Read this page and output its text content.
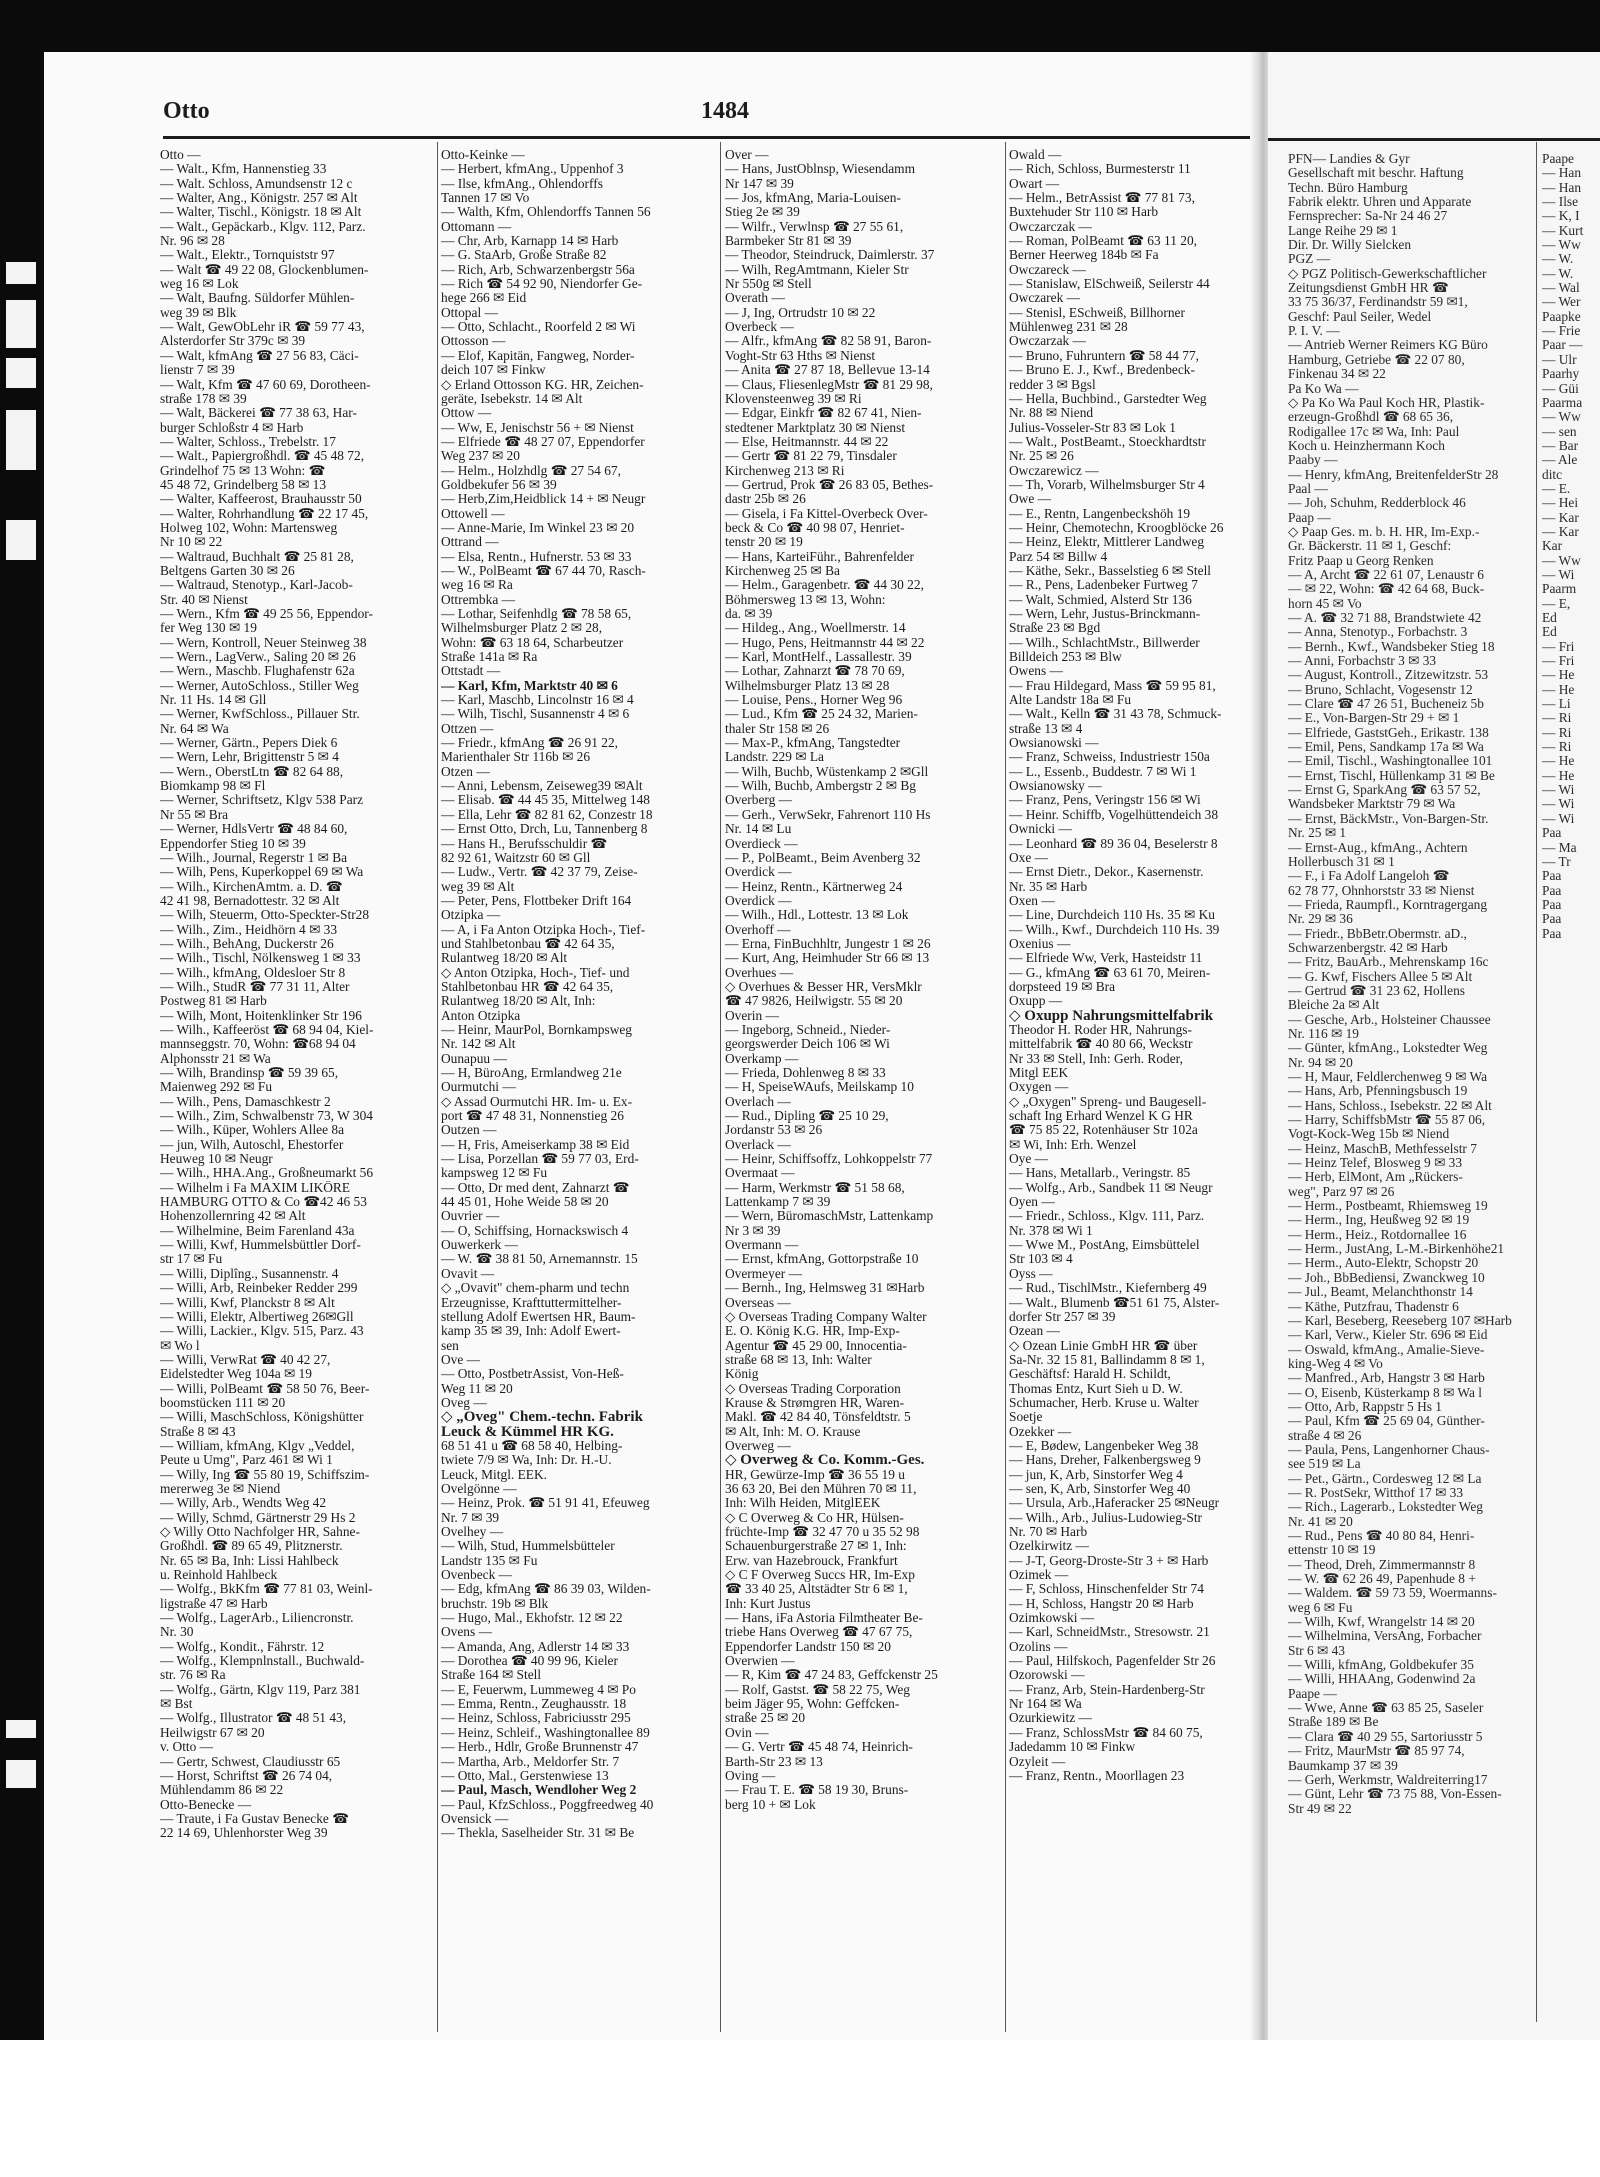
Otto	1484
Otto —
— Walt., Kfm, Hannenstieg 33
— Walt. Schloss, Amundsenstr 12 c
— Walter, Ang., Königstr. 257 ✉ Alt
— Walter, Tischl., Königstr. 18 ✉ Alt
— Walt., Gepäckarb., Klgv. 112, Parz.
Nr. 96 ✉ 28
— Walt., Elektr., Tornquiststr 97
— Walt ☎ 49 22 08, Glockenblumen-
weg 16 ✉ Lok
— Walt, Baufng. Süldorfer Mühlen-
weg 39 ✉ Blk
— Walt, GewObLehr iR ☎ 59 77 43,
Alsterdorfer Str 379c ✉ 39
— Walt, kfmAng ☎ 27 56 83, Cäci-
lienstr 7 ✉ 39
— Walt, Kfm ☎ 47 60 69, Dorotheen-
straße 178 ✉ 39
— Walt, Bäckerei ☎ 77 38 63, Har-
burger Schloßstr 4 ✉ Harb
— Walter, Schloss., Trebelstr. 17
— Walt., Papiergroßhdl. ☎ 45 48 72,
Grindelhof 75 ✉ 13 Wohn: ☎
45 48 72, Grindelberg 58 ✉ 13
— Walter, Kaffeerost, Brauhausstr 50
— Walter, Rohrhandlung ☎ 22 17 45,
Holweg 102, Wohn: Martensweg
Nr 10 ✉ 22
— Waltraud, Buchhalt ☎ 25 81 28,
Beltgens Garten 30 ✉ 26
— Waltraud, Stenotyp., Karl-Jacob-
Str. 40 ✉ Nienst
— Wern., Kfm ☎ 49 25 56, Eppendor-
fer Weg 130 ✉ 19
— Wern, Kontroll, Neuer Steinweg 38
— Wern., LagVerw., Saling 20 ✉ 26
— Wern., Maschb. Flughafenstr 62a
— Werner, AutoSchloss., Stiller Weg
Nr. 11 Hs. 14 ✉ Gll
— Werner, KwfSchloss., Pillauer Str.
Nr. 64 ✉ Wa
— Werner, Gärtn., Pepers Diek 6
— Wern, Lehr, Brigittenstr 5 ✉ 4
— Wern., OberstLtn ☎ 82 64 88,
Biomkamp 98 ✉ Fl
— Werner, Schriftsetz, Klgv 538 Parz
Nr 55 ✉ Bra
— Werner, HdlsVertr ☎ 48 84 60,
Eppendorfer Stieg 10 ✉ 39
— Wilh., Journal, Regerstr 1 ✉ Ba
— Wilh, Pens, Kuperkoppel 69 ✉ Wa
— Wilh., KirchenAmtm. a. D. ☎
42 41 98, Bernadottestr. 32 ✉ Alt
— Wilh, Steuerm, Otto-Speckter-Str28
— Wilh., Zim., Heidhörn 4 ✉ 33
— Wilh., BehAng, Duckerstr 26
— Wilh., Tischl, Nölkensweg 1 ✉ 33
— Wilh., kfmAng, Oldesloer Str 8
— Wilh., StudR ☎ 77 31 11, Alter
Postweg 81 ✉ Harb
— Wilh, Mont, Hoitenklinker Str 196
— Wilh., Kaffeeröst ☎ 68 94 04, Kiel-
mannseggstr. 70, Wohn: ☎68 94 04
Alphonsstr 21 ✉ Wa
— Wilh, Brandinsp ☎ 59 39 65,
Maienweg 292 ✉ Fu
— Wilh., Pens, Damaschkestr 2
— Wilh., Zim, Schwalbenstr 73, W 304
— Wilh., Küper, Wohlers Allee 8a
— jun, Wilh, Autoschl, Ehestorfer
Heuweg 10 ✉ Neugr
— Wilh., HHA.Ang., Großneumarkt 56
— Wilhelm i Fa MAXIM LIKÖRE
HAMBURG OTTO & Co ☎42 46 53
Hohenzollernring 42 ✉ Alt
— Wilhelmine, Beim Farenland 43a
— Willi, Kwf, Hummelsbüttler Dorf-
str 17 ✉ Fu
— Willi, Diplîng., Susannenstr. 4
— Willi, Arb, Reinbeker Redder 299
— Willi, Kwf, Planckstr 8 ✉ Alt
— Willi, Elektr, Albertiweg 26✉Gll
— Willi, Lackier., Klgv. 515, Parz. 43
✉ Wo l
— Willi, VerwRat ☎ 40 42 27,
Eidelstedter Weg 104a ✉ 19
— Willi, PolBeamt ☎ 58 50 76, Beer-
boomstücken 111 ✉ 20
— Willi, MaschSchloss, Königshütter
Straße 8 ✉ 43
— William, kfmAng, Klgv „Veddel,
Peute u Umg", Parz 461 ✉ Wi 1
— Willy, Ing ☎ 55 80 19, Schiffszim-
mererweg 3e ✉ Niend
— Willy, Arb., Wendts Weg 42
— Willy, Schmd, Gärtnerstr 29 Hs 2
◇ Willy Otto Nachfolger HR, Sahne-
Großhdl. ☎ 89 65 49, Plitznerstr.
Nr. 65 ✉ Ba, Inh: Lissi Hahlbeck
u. Reinhold Hahlbeck
— Wolfg., BkKfm ☎ 77 81 03, Weinl-
ligstraße 47 ✉ Harb
— Wolfg., LagerArb., Liliencronstr.
Nr. 30
— Wolfg., Kondit., Fährstr. 12
— Wolfg., Klempnlnstall., Buchwald-
str. 76 ✉ Ra
— Wolfg., Gärtn, Klgv 119, Parz 381
✉ Bst
— Wolfg., Illustrator ☎ 48 51 43,
Heilwigstr 67 ✉ 20
v. Otto —
— Gertr, Schwest, Claudiusstr 65
— Horst, Schriftst ☎ 26 74 04,
Mühlendamm 86 ✉ 22
Otto-Benecke —
— Traute, i Fa Gustav Benecke ☎
22 14 69, Uhlenhorster Weg 39
Otto-Keinke —
— Herbert, kfmAng., Uppenhof 3
— Ilse, kfmAng., Ohlendorffs
Tannen 17 ✉ Vo
— Walth, Kfm, Ohlendorffs Tannen 56
Ottomann —
— Chr, Arb, Karnapp 14 ✉ Harb
— G. StaArb, Große Straße 82
— Rich, Arb, Schwarzenbergstr 56a
— Rich ☎ 54 92 90, Niendorfer Ge-
hege 266 ✉ Eid
Ottopal —
— Otto, Schlacht., Roorfeld 2 ✉ Wi
Ottosson —
— Elof, Kapitän, Fangweg, Norder-
deich 107 ✉ Finkw
◇ Erland Ottosson KG. HR, Zeichen-
geräte, Isebekstr. 14 ✉ Alt
Ottow —
— Ww, E, Jenischstr 56 + ✉ Nienst
— Elfriede ☎ 48 27 07, Eppendorfer
Weg 237 ✉ 20
— Helm., Holzhdlg ☎ 27 54 67,
Goldbekufer 56 ✉ 39
— Herb,Zim,Heidblick 14 + ✉ Neugr
Ottowell —
— Anne-Marie, Im Winkel 23 ✉ 20
Ottrand —
— Elsa, Rentn., Hufnerstr. 53 ✉ 33
— W., PolBeamt ☎ 67 44 70, Rasch-
weg 16 ✉ Ra
Ottrembka —
— Lothar, Seifenhdlg ☎ 78 58 65,
Wilhelmsburger Platz 2 ✉ 28,
Wohn: ☎ 63 18 64, Scharbeutzer
Straße 141a ✉ Ra
Ottstadt —
— Karl, Kfm, Marktstr 40 ✉ 6
— Karl, Maschb, Lincolnstr 16 ✉ 4
— Wilh, Tischl, Susannenstr 4 ✉ 6
Ottzen —
— Friedr., kfmAng ☎ 26 91 22,
Marienthaler Str 116b ✉ 26
Otzen —
— Anni, Lebensm, Zeiseweg39 ✉Alt
— Elisab. ☎ 44 45 35, Mittelweg 148
— Ella, Lehr ☎ 82 81 62, Conzestr 18
— Ernst Otto, Drch, Lu, Tannenberg 8
— Hans H., Berufsschuldir ☎
82 92 61, Waitzstr 60 ✉ Gll
— Ludw., Vertr. ☎ 42 37 79, Zeise-
weg 39 ✉ Alt
— Peter, Pens, Flottbeker Drift 164
Otzipka —
— A, i Fa Anton Otzipka Hoch-, Tief-
und Stahlbetonbau ☎ 42 64 35,
Rulantweg 18/20 ✉ Alt
◇ Anton Otzipka, Hoch-, Tief- und
Stahlbetonbau HR ☎ 42 64 35,
Rulantweg 18/20 ✉ Alt, Inh:
Anton Otzipka
— Heinr, MaurPol, Bornkampsweg
Nr. 142 ✉ Alt
Ounapuu —
— H, BüroAng, Ermlandweg 21e
Ourmutchi —
◇ Assad Ourmutchi HR. Im- u. Ex-
port ☎ 47 48 31, Nonnenstieg 26
Outzen —
— H, Fris, Ameiserkamp 38 ✉ Eid
— Lisa, Porzellan ☎ 59 77 03, Erd-
kampsweg 12 ✉ Fu
— Otto, Dr med dent, Zahnarzt ☎
44 45 01, Hohe Weide 58 ✉ 20
Ouvrier —
— O, Schiffsing, Hornackswisch 4
Ouwerkerk —
— W. ☎ 38 81 50, Arnemannstr. 15
Ovavit —
◇ „Ovavit" chem-pharm und techn
Erzeugnisse, Krafttuttermittelher-
stellung Adolf Ewertsen HR, Baum-
kamp 35 ✉ 39, Inh: Adolf Ewert-
sen
Ove —
— Otto, PostbetrAssist, Von-Heß-
Weg 11 ✉ 20
Oveg —
◇ „Oveg" Chem.-techn. Fabrik
Leuck & Kümmel HR KG.
68 51 41 u ☎ 68 58 40, Helbing-
twiete 7/9 ✉ Wa, Inh: Dr. H.-U.
Leuck, Mitgl. EEK.
Ovelgönne —
— Heinz, Prok. ☎ 51 91 41, Efeuweg
Nr. 7 ✉ 39
Ovelhey —
— Wilh, Stud, Hummelsbütteler
Landstr 135 ✉ Fu
Ovenbeck —
— Edg, kfmAng ☎ 86 39 03, Wilden-
bruchstr. 19b ✉ Blk
— Hugo, Mal., Ekhofstr. 12 ✉ 22
Ovens —
— Amanda, Ang, Adlerstr 14 ✉ 33
— Dorothea ☎ 40 99 96, Kieler
Straße 164 ✉ Stell
— E, Feuerwm, Lummeweg 4 ✉ Po
— Emma, Rentn., Zeughausstr. 18
— Heinz, Schloss, Fabriciusstr 295
— Heinz, Schleif., Washingtonallee 89
— Herb., Hdlr, Große Brunnenstr 47
— Martha, Arb., Meldorfer Str. 7
— Otto, Mal., Gerstenwiese 13
— Paul, Masch, Wendloher Weg 2
— Paul, KfzSchloss., Poggfreedweg 40
Ovensick —
— Thekla, Saselheider Str. 31 ✉ Be
Over —
— Hans, JustOblnsp, Wiesendamm
Nr 147 ✉ 39
— Jos, kfmAng, Maria-Louisen-
Stieg 2e ✉ 39
— Wilfr., Verwlnsp ☎ 27 55 61,
Barmbeker Str 81 ✉ 39
— Theodor, Steindruck, Daimlerstr. 37
— Wilh, RegAmtmann, Kieler Str
Nr 550g ✉ Stell
Overath —
— J, Ing, Ortrudstr 10 ✉ 22
Overbeck —
— Alfr., kfmAng ☎ 82 58 91, Baron-
Voght-Str 63 Hths ✉ Nienst
— Anita ☎ 27 87 18, Bellevue 13-14
— Claus, FliesenlegMstr ☎ 81 29 98,
Klovensteenweg 39 ✉ Ri
— Edgar, Einkfr ☎ 82 67 41, Nien-
stedtener Marktplatz 30 ✉ Nienst
— Else, Heitmannstr. 44 ✉ 22
— Gertr ☎ 81 22 79, Tinsdaler
Kirchenweg 213 ✉ Ri
— Gertrud, Prok ☎ 26 83 05, Bethes-
dastr 25b ✉ 26
— Gisela, i Fa Kittel-Overbeck Over-
beck & Co ☎ 40 98 07, Henriet-
tenstr 20 ✉ 19
— Hans, KarteiFühr., Bahrenfelder
Kirchenweg 25 ✉ Ba
— Helm., Garagenbetr. ☎ 44 30 22,
Böhmersweg 13 ✉ 13, Wohn:
da. ✉ 39
— Hildeg., Ang., Woellmerstr. 14
— Hugo, Pens, Heitmannstr 44 ✉ 22
— Karl, MontHelf., Lassallestr. 39
— Lothar, Zahnarzt ☎ 78 70 69,
Wilhelmsburger Platz 13 ✉ 28
— Louise, Pens., Horner Weg 96
— Lud., Kfm ☎ 25 24 32, Marien-
thaler Str 158 ✉ 26
— Max-P., kfmAng, Tangstedter
Landstr. 229 ✉ La
— Wilh, Buchb, Wüstenkamp 2 ✉Gll
— Wilh, Buchb, Ambergstr 2 ✉ Bg
Overberg —
— Gerh., VerwSekr, Fahrenort 110 Hs
Nr. 14 ✉ Lu
Overdieck —
— P., PolBeamt., Beim Avenberg 32
Overdick —
— Heinz, Rentn., Kärtnerweg 24
Overdick —
— Wilh., Hdl., Lottestr. 13 ✉ Lok
Overhoff —
— Erna, FinBuchhltr, Jungestr 1 ✉ 26
— Kurt, Ang, Heimhuder Str 66 ✉ 13
Overhues —
◇ Overhues & Besser HR, VersMklr
☎ 47 9826, Heilwigstr. 55 ✉ 20
Overin —
— Ingeborg, Schneid., Nieder-
georgswerder Deich 106 ✉ Wi
Overkamp —
— Frieda, Dohlenweg 8 ✉ 33
— H, SpeiseWAufs, Meilskamp 10
Overlach —
— Rud., Dipling ☎ 25 10 29,
Jordanstr 53 ✉ 26
Overlack —
— Heinr, Schiffsoffz, Lohkoppelstr 77
Overmaat —
— Harm, Werkmstr ☎ 51 58 68,
Lattenkamp 7 ✉ 39
— Wern, BüromaschMstr, Lattenkamp
Nr 3 ✉ 39
Overmann —
— Ernst, kfmAng, Gottorpstraße 10
Overmeyer —
— Bernh., Ing, Helmsweg 31 ✉Harb
Overseas —
◇ Overseas Trading Company Walter
E. O. König K.G. HR, Imp-Exp-
Agentur ☎ 45 29 00, Innocentia-
straße 68 ✉ 13, Inh: Walter
König
◇ Overseas Trading Corporation
Krause & Strømgren HR, Waren-
Makl. ☎ 42 84 40, Tönsfeldtstr. 5
✉ Alt, Inh: M. O. Krause
Overweg —
◇ Overweg & Co. Komm.-Ges.
HR, Gewürze-Imp ☎ 36 55 19 u
36 63 20, Bei den Mühren 70 ✉ 11,
Inh: Wilh Heiden, MitglEEK
◇ C Overweg & Co HR, Hülsen-
früchte-Imp ☎ 32 47 70 u 35 52 98
Schauenburgerstraße 27 ✉ 1, Inh:
Erw. van Hazebrouck, Frankfurt
◇ C F Overweg Succs HR, Im-Exp
☎ 33 40 25, Altstädter Str 6 ✉ 1,
Inh: Kurt Justus
— Hans, iFa Astoria Filmtheater Be-
triebe Hans Overweg ☎ 47 67 75,
Eppendorfer Landstr 150 ✉ 20
Overwien —
— R, Kim ☎ 47 24 83, Geffckenstr 25
— Rolf, Gastst. ☎ 58 22 75, Weg
beim Jäger 95, Wohn: Geffcken-
straße 25 ✉ 20
Ovin —
— G. Vertr ☎ 45 48 74, Heinrich-
Barth-Str 23 ✉ 13
Oving —
— Frau T. E. ☎ 58 19 30, Bruns-
berg 10 + ✉ Lok
Owald —
— Rich, Schloss, Burmesterstr 11
Owart —
— Helm., BetrAssist ☎ 77 81 73,
Buxtehuder Str 110 ✉ Harb
Owczarczak —
— Roman, PolBeamt ☎ 63 11 20,
Berner Heerweg 184b ✉ Fa
Owczareck —
— Stanislaw, ElSchweiß, Seilerstr 44
Owczarek —
— Stenisl, ESchweiß, Billhorner
Mühlenweg 231 ✉ 28
Owczarzak —
— Bruno, Fuhruntern ☎ 58 44 77,
— Bruno E. J., Kwf., Bredenbeck-
redder 3 ✉ Bgsl
— Hella, Buchbind., Garstedter Weg
Nr. 88 ✉ Niend
Julius-Vosseler-Str 83 ✉ Lok 1
— Walt., PostBeamt., Stoeckhardtstr
Nr. 25 ✉ 26
Owczarewicz —
— Th, Vorarb, Wilhelmsburger Str 4
Owe —
— E., Rentn, Langenbeckshöh 19
— Heinr, Chemotechn, Kroogblöcke 26
— Heinz, Elektr, Mittlerer Landweg
Parz 54 ✉ Billw 4
— Käthe, Sekr., Basselstieg 6 ✉ Stell
— R., Pens, Ladenbeker Furtweg 7
— Walt, Schmied, Alsterd Str 136
— Wern, Lehr, Justus-Brinckmann-
Straße 23 ✉ Bgd
— Wilh., SchlachtMstr., Billwerder
Billdeich 253 ✉ Blw
Owens —
— Frau Hildegard, Mass ☎ 59 95 81,
Alte Landstr 18a ✉ Fu
— Walt., Kelln ☎ 31 43 78, Schmuck-
straße 13 ✉ 4
Owsianowski —
— Franz, Schweiss, Industriestr 150a
— L., Essenb., Buddestr. 7 ✉ Wi 1
Owsianowsky —
— Franz, Pens, Veringstr 156 ✉ Wi
— Heinr. Schiffb, Vogelhüttendeich 38
Ownicki —
— Leonhard ☎ 89 36 04, Beselerstr 8
Oxe —
— Ernst Dietr., Dekor., Kasernenstr.
Nr. 35 ✉ Harb
Oxen —
— Line, Durchdeich 110 Hs. 35 ✉ Ku
— Wilh., Kwf., Durchdeich 110 Hs. 39
Oxenius —
— Elfriede Ww, Verk, Hasteidstr 11
— G., kfmAng ☎ 63 61 70, Meiren-
dorpsteed 19 ✉ Bra
Oxupp —
◇ Oxupp Nahrungsmittelfabrik
Theodor H. Roder HR, Nahrungs-
mittelfabrik ☎ 40 80 66, Weckstr
Nr 33 ✉ Stell, Inh: Gerh. Roder,
Mitgl EEK
Oxygen —
◇ „Oxygen" Spreng- und Baugesell-
schaft Ing Erhard Wenzel K G HR
☎ 75 85 22, Rotenhäuser Str 102a
✉ Wi, Inh: Erh. Wenzel
Oye —
— Hans, Metallarb., Veringstr. 85
— Wolfg., Arb., Sandbek 11 ✉ Neugr
Oyen —
— Friedr., Schloss., Klgv. 111, Parz.
Nr. 378 ✉ Wi 1
— Wwe M., PostAng, Eimsbüttelel
Str 103 ✉ 4
Oyss —
— Rud., TischlMstr., Kiefernberg 49
— Walt., Blumenb ☎51 61 75, Alster-
dorfer Str 257 ✉ 39
Ozean —
◇ Ozean Linie GmbH HR ☎ über
Sa-Nr. 32 15 81, Ballindamm 8 ✉ 1,
Geschäftsf: Harald H. Schildt,
Thomas Entz, Kurt Sieh u D. W.
Schumacher, Herb. Kruse u. Walter
Soetje
Ozekker —
— E, Bødew, Langenbeker Weg 38
— Hans, Dreher, Falkenbergsweg 9
— jun, K, Arb, Sinstorfer Weg 4
— sen, K, Arb, Sinstorfer Weg 40
— Ursula, Arb.,Haferacker 25 ✉Neugr
— Wilh., Arb., Julius-Ludowieg-Str
Nr. 70 ✉ Harb
Ozelkirwitz —
— J-T, Georg-Droste-Str 3 + ✉ Harb
Ozimek —
— F, Schloss, Hinschenfelder Str 74
— H, Schloss, Hangstr 20 ✉ Harb
Ozimkowski —
— Karl, SchneidMstr., Stresowstr. 21
Ozolins —
— Paul, Hilfskoch, Pagenfelder Str 26
Ozorowski —
— Franz, Arb, Stein-Hardenberg-Str
Nr 164 ✉ Wa
Ozurkiewitz —
— Franz, SchlossMstr ☎ 84 60 75,
Jadedamm 10 ✉ Finkw
Ozyleit —
— Franz, Rentn., Moorllagen 23
PFN— Landies & Gyr
Gesellschaft mit beschr. Haftung
Techn. Büro Hamburg
Fabrik elektr. Uhren und Apparate
Fernsprecher: Sa-Nr 24 46 27
Lange Reihe 29 ✉ 1
Dir. Dr. Willy Sielcken
PGZ —
◇ PGZ Politisch-Gewerkschaftlicher
Zeitungsdienst GmbH HR ☎
33 75 36/37, Ferdinandstr 59 ✉1,
Geschf: Paul Seiler, Wedel
P. I. V. —
— Antrieb Werner Reimers KG Büro
Hamburg, Getriebe ☎ 22 07 80,
Finkenau 34 ✉ 22
Pa Ko Wa —
◇ Pa Ko Wa Paul Koch HR, Plastik-
erzeugn-Großhdl ☎ 68 65 36,
Rodigallee 17c ✉ Wa, Inh: Paul
Koch u. Heinzhermann Koch
Paaby —
— Henry, kfmAng, BreitenfelderStr 28
Paal —
— Joh, Schuhm, Redderblock 46
Paap —
◇ Paap Ges. m. b. H. HR, Im-Exp.-
Gr. Bäckerstr. 11 ✉ 1, Geschf:
Fritz Paap u Georg Renken
— A, Archt ☎ 22 61 07, Lenaustr 6
— ✉ 22, Wohn: ☎ 42 64 68, Buck-
horn 45 ✉ Vo
— A. ☎ 32 71 88, Brandstwiete 42
— Anna, Stenotyp., Forbachstr. 3
— Bernh., Kwf., Wandsbeker Stieg 18
— Anni, Forbachstr 3 ✉ 33
— August, Kontroll., Zitzewitzstr. 53
— Bruno, Schlacht, Vogesenstr 12
— Clare ☎ 47 26 51, Bucheneiz 5b
— E., Von-Bargen-Str 29 + ✉ 1
— Elfriede, GaststGeh., Erikastr. 138
— Emil, Pens, Sandkamp 17a ✉ Wa
— Emil, Tischl., Washingtonallee 101
— Ernst, Tischl, Hüllenkamp 31 ✉ Be
— Ernst G, SparkAng ☎ 63 57 52,
Wandsbeker Marktstr 79 ✉ Wa
— Ernst, BäckMstr., Von-Bargen-Str.
Nr. 25 ✉ 1
— Ernst-Aug., kfmAng., Achtern
Hollerbusch 31 ✉ 1
— F., i Fa Adolf Langeloh ☎
62 78 77, Ohnhorststr 33 ✉ Nienst
— Frieda, Raumpfl., Korntragergang
Nr. 29 ✉ 36
— Friedr., BbBetr.Obermstr. aD.,
Schwarzenbergstr. 42 ✉ Harb
— Fritz, BauArb., Mehrenskamp 16c
— G. Kwf, Fischers Allee 5 ✉ Alt
— Gertrud ☎ 31 23 62, Hollens
Bleiche 2a ✉ Alt
— Gesche, Arb., Holsteiner Chaussee
Nr. 116 ✉ 19
— Günter, kfmAng., Lokstedter Weg
Nr. 94 ✉ 20
— H, Maur, Feldlerchenweg 9 ✉ Wa
— Hans, Arb, Pfenningsbusch 19
— Hans, Schloss., Isebekstr. 22 ✉ Alt
— Harry, SchiffsbMstr ☎ 55 87 06,
Vogt-Kock-Weg 15b ✉ Niend
— Heinz, MaschB, Methfesselstr 7
— Heinz Telef, Blosweg 9 ✉ 33
— Herb, ElMont, Am „Rückers-
weg", Parz 97 ✉ 26
— Herm., Postbeamt, Rhiemsweg 19
— Herm., Ing, Heußweg 92 ✉ 19
— Herm., Heiz., Rotdornallee 16
— Herm., JustAng, L-M.-Birkenhöhe21
— Herm., Auto-Elektr, Schopstr 20
— Joh., BbBediensi, Zwanckweg 10
— Jul., Beamt, Melanchthonstr 14
— Käthe, Putzfrau, Thadenstr 6
— Karl, Beseberg, Reeseberg 107 ✉Harb
— Karl, Verw., Kieler Str. 696 ✉ Eid
— Oswald, kfmAng., Amalie-Sieve-
king-Weg 4 ✉ Vo
— Manfred., Arb, Hangstr 3 ✉ Harb
— O, Eisenb, Küsterkamp 8 ✉ Wa l
— Otto, Arb, Rappstr 5 Hs 1
— Paul, Kfm ☎ 25 69 04, Günther-
straße 4 ✉ 26
— Paula, Pens, Langenhorner Chaus-
see 519 ✉ La
— Pet., Gärtn., Cordesweg 12 ✉ La
— R. PostSekr, Witthof 17 ✉ 33
— Rich., Lagerarb., Lokstedter Weg
Nr. 41 ✉ 20
— Rud., Pens ☎ 40 80 84, Henri-
ettenstr 10 ✉ 19
— Theod, Dreh, Zimmermannstr 8
— W. ☎ 62 26 49, Papenhude 8 +
— Waldem. ☎ 59 73 59, Woermanns-
weg 6 ✉ Fu
— Wilh, Kwf, Wrangelstr 14 ✉ 20
— Wilhelmina, VersAng, Forbacher
Str 6 ✉ 43
— Willi, kfmAng, Goldbekufer 35
— Willi, HHAAng, Godenwind 2a
Paape —
— Wwe, Anne ☎ 63 85 25, Saseler
Straße 189 ✉ Be
— Clara ☎ 40 29 55, Sartoriusstr 5
— Fritz, MaurMstr ☎ 85 97 74,
Baumkamp 37 ✉ 39
— Gerh, Werkmstr, Waldreiterring17
— Günt, Lehr ☎ 73 75 88, Von-Essen-
Str 49 ✉ 22
Paape
— Han
— Han
— Ilse
— K, I
— Kurt
— Ww
— W.
— W.
— Wal
— Wer
Paapke
— Frie
Paar —
— Ulr
Paarhy
— Güi
Paarma
— Ww
— sen
— Bar
— Ale
ditc
— E.
— Hei
— Kar
— Kar
Kar
— Ww
— Wi
Paarm
— E,
Ed
Ed
— Fri
— Fri
— He
— He
— Li
— Ri
— Ri
— Ri
— He
— He
— Wi
— Wi
— Wi
Paa
— Ma
— Tr
Paa
Paa
Paa
Paa
Paa
